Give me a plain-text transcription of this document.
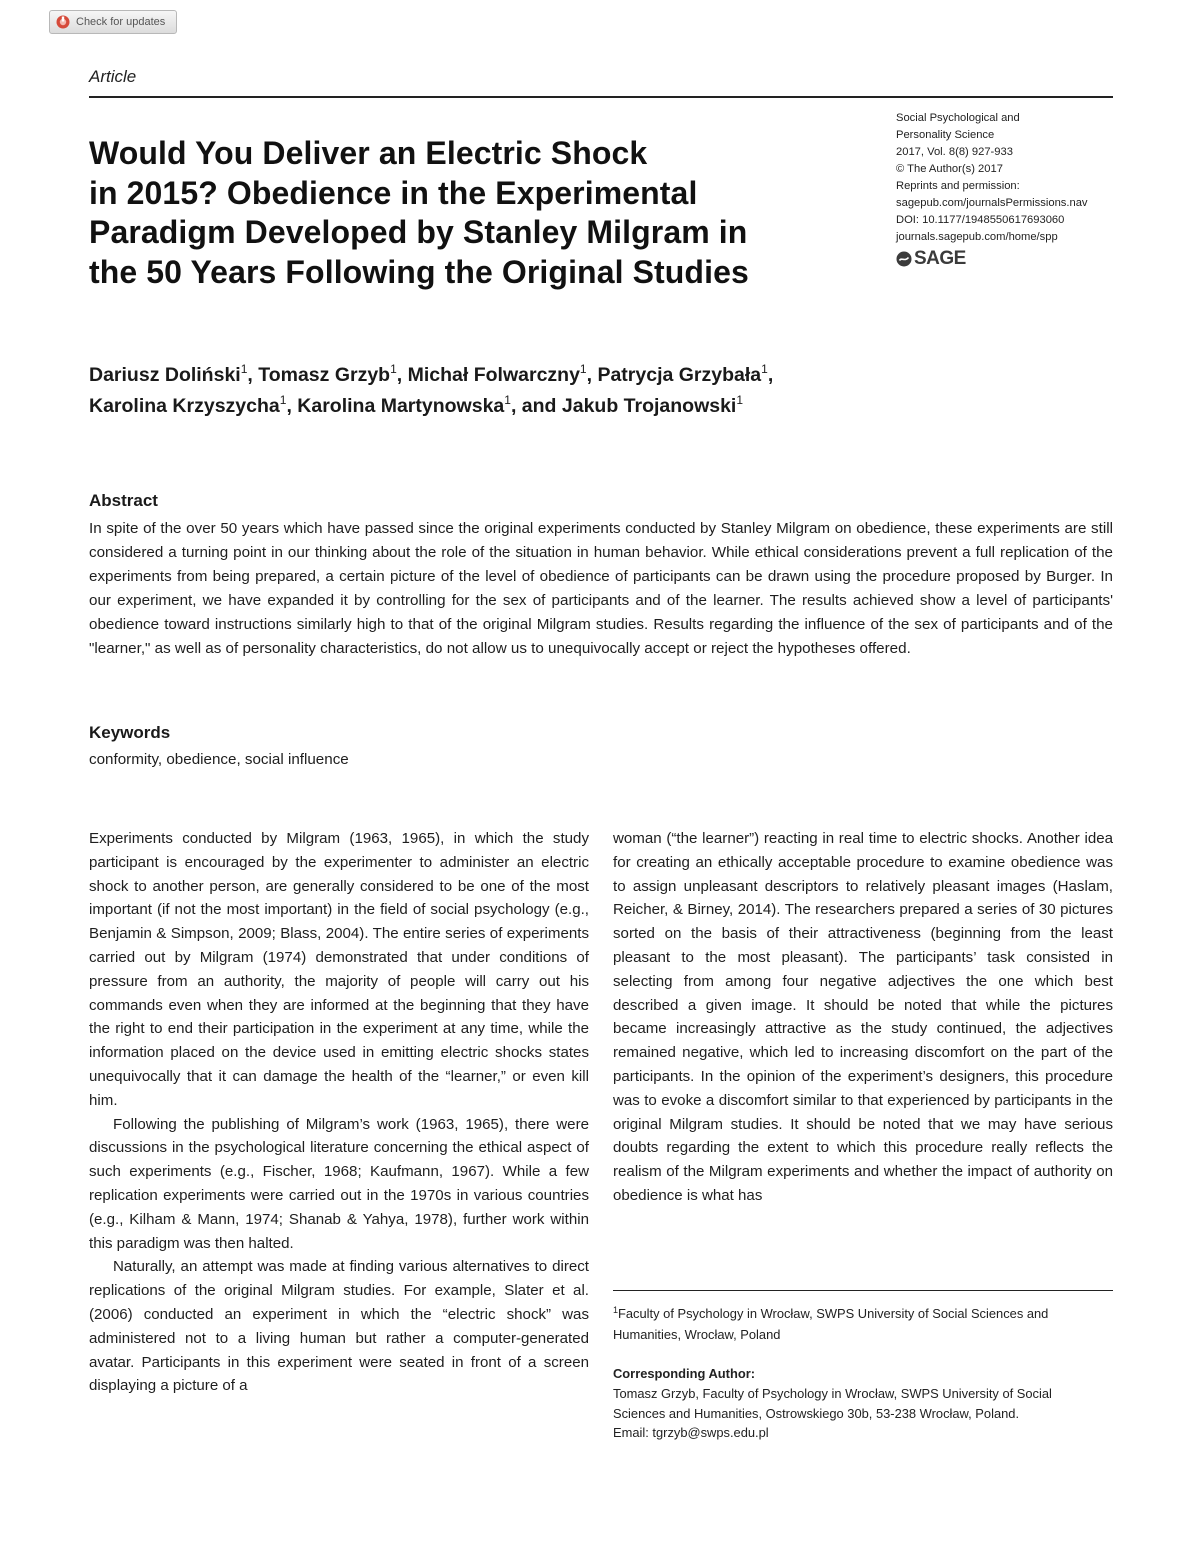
Check for updates
Article
Would You Deliver an Electric Shock
in 2015? Obedience in the Experimental
Paradigm Developed by Stanley Milgram in
the 50 Years Following the Original Studies
Social Psychological and
Personality Science
2017, Vol. 8(8) 927-933
© The Author(s) 2017
Reprints and permission:
sagepub.com/journalsPermissions.nav
DOI: 10.1177/1948550617693060
journals.sagepub.com/home/spp
SAGE
Dariusz Doliński$^1$, Tomasz Grzyb$^1$, Michał Folwarczny$^1$, Patrycja Grzybała$^1$,
Karolina Krzyszycha$^1$, Karolina Martynowska$^1$, and Jakub Trojanowski$^1$
Abstract

In spite of the over 50 years which have passed since the original experiments conducted by Stanley Milgram on obedience, these experiments are still considered a turning point in our thinking about the role of the situation in human behavior. While ethical considerations prevent a full replication of the experiments from being prepared, a certain picture of the level of obedience of participants can be drawn using the procedure proposed by Burger. In our experiment, we have expanded it by controlling for the sex of participants and of the learner. The results achieved show a level of participants' obedience toward instructions similarly high to that of the original Milgram studies. Results regarding the influence of the sex of participants and of the "learner," as well as of personality characteristics, do not allow us to unequivocally accept or reject the hypotheses offered.

Keywords

conformity, obedience, social influence

Experiments conducted by Milgram (1963, 1965), in which the study participant is encouraged by the experimenter to administer an electric shock to another person, are generally considered to be one of the most important (if not the most important) in the field of social psychology (e.g., Benjamin & Simpson, 2009; Blass, 2004). The entire series of experiments carried out by Milgram (1974) demonstrated that under conditions of pressure from an authority, the majority of people will carry out his commands even when they are informed at the beginning that they have the right to end their participation in the experiment at any time, while the information placed on the device used in emitting electric shocks states unequivocally that it can damage the health of the “learner,” or even kill him.

Following the publishing of Milgram’s work (1963, 1965), there were discussions in the psychological literature concerning the ethical aspect of such experiments (e.g., Fischer, 1968; Kaufmann, 1967). While a few replication experiments were carried out in the 1970s in various countries (e.g., Kilham & Mann, 1974; Shanab & Yahya, 1978), further work within this paradigm was then halted.

Naturally, an attempt was made at finding various alternatives to direct replications of the original Milgram studies. For example, Slater et al. (2006) conducted an experiment in which the “electric shock” was administered not to a living human but rather a computer-generated avatar. Participants in this experiment were seated in front of a screen displaying a picture of a

woman (“the learner”) reacting in real time to electric shocks. Another idea for creating an ethically acceptable procedure to examine obedience was to assign unpleasant descriptors to relatively pleasant images (Haslam, Reicher, & Birney, 2014). The researchers prepared a series of 30 pictures sorted on the basis of their attractiveness (beginning from the least pleasant to the most pleasant). The participants’ task consisted in selecting from among four negative adjectives the one which best described a given image. It should be noted that while the pictures became increasingly attractive as the study continued, the adjectives remained negative, which led to increasing discomfort on the part of the participants. In the opinion of the experiment’s designers, this procedure was to evoke a discomfort similar to that experienced by participants in the original Milgram studies. It should be noted that we may have serious doubts regarding the extent to which this procedure really reflects the realism of the Milgram experiments and whether the impact of authority on obedience is what has

$^1$Faculty of Psychology in Wrocław, SWPS University of Social Sciences and Humanities, Wrocław, Poland
Corresponding Author:
Tomasz Grzyb, Faculty of Psychology in Wrocław, SWPS University of Social
Sciences and Humanities, Ostrowskiego 30b, 53-238 Wrocław, Poland.
Email: tgrzyb@swps.edu.pl
